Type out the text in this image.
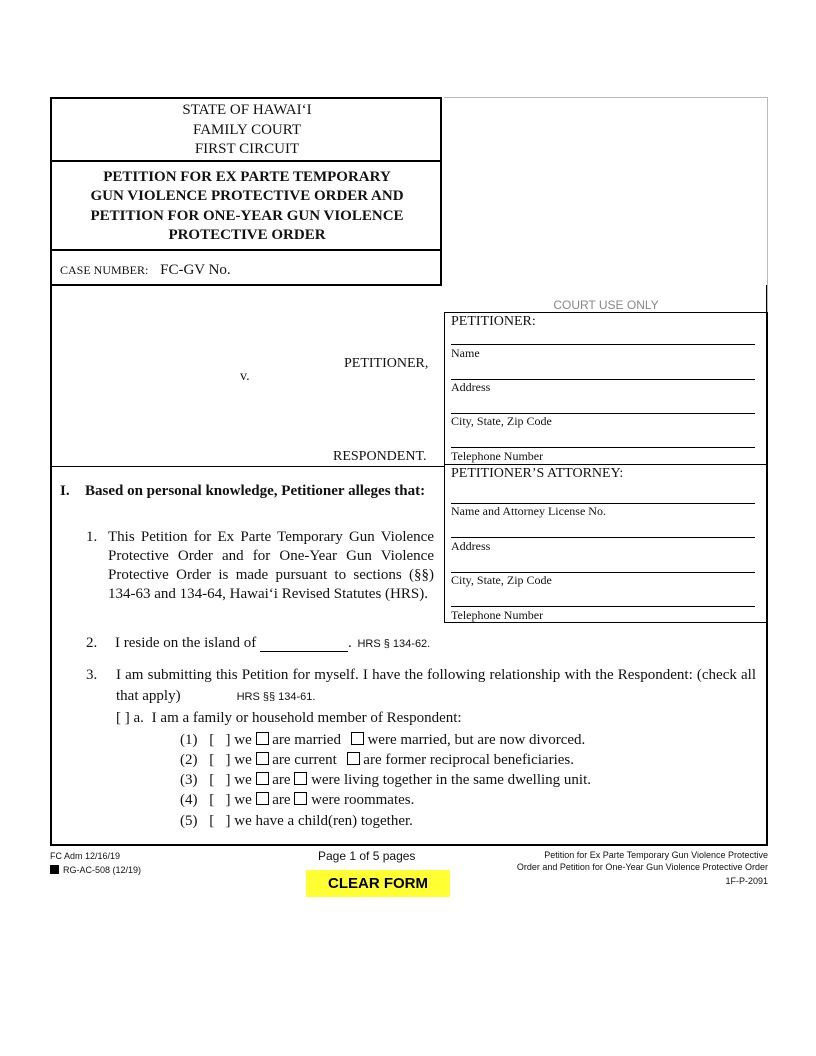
STATE OF HAWAI‘I
FAMILY COURT
FIRST CIRCUIT
PETITION FOR EX PARTE TEMPORARY
GUN VIOLENCE PROTECTIVE ORDER AND
PETITION FOR ONE-YEAR GUN VIOLENCE
PROTECTIVE ORDER
CASE NUMBER: FC-GV No.
COURT USE ONLY
PETITIONER:
Name
Address
City, State, Zip Code
Telephone Number
PETITIONER’S ATTORNEY:
Name and Attorney License No.
Address
City, State, Zip Code
Telephone Number
PETITIONER,
v.
RESPONDENT.
I. Based on personal knowledge, Petitioner alleges that:
1. This Petition for Ex Parte Temporary Gun Violence Protective Order and for One-Year Gun Violence Protective Order is made pursuant to sections (§§) 134-63 and 134-64, Hawai‘i Revised Statutes (HRS).
2. I reside on the island of	. HRS § 134-62.
3. I am submitting this Petition for myself. I have the following relationship with the Respondent: (check all that apply)	HRS §§ 134-61.
[ ] a. I am a family or household member of Respondent:
(1) [   ] we are married were married, but are now divorced.
(2) [   ] we are current are former reciprocal beneficiaries.
(3) [   ] we are were living together in the same dwelling unit.
(4) [   ] we are were roommates.
(5) [   ] we have a child(ren) together.
FC Adm 12/16/19
RG-AC-508 (12/19)
Page 1 of 5 pages	Petition for Ex Parte Temporary Gun Violence Protective
Order and Petition for One-Year Gun Violence Protective Order
1F-P-2091
CLEAR FORM
